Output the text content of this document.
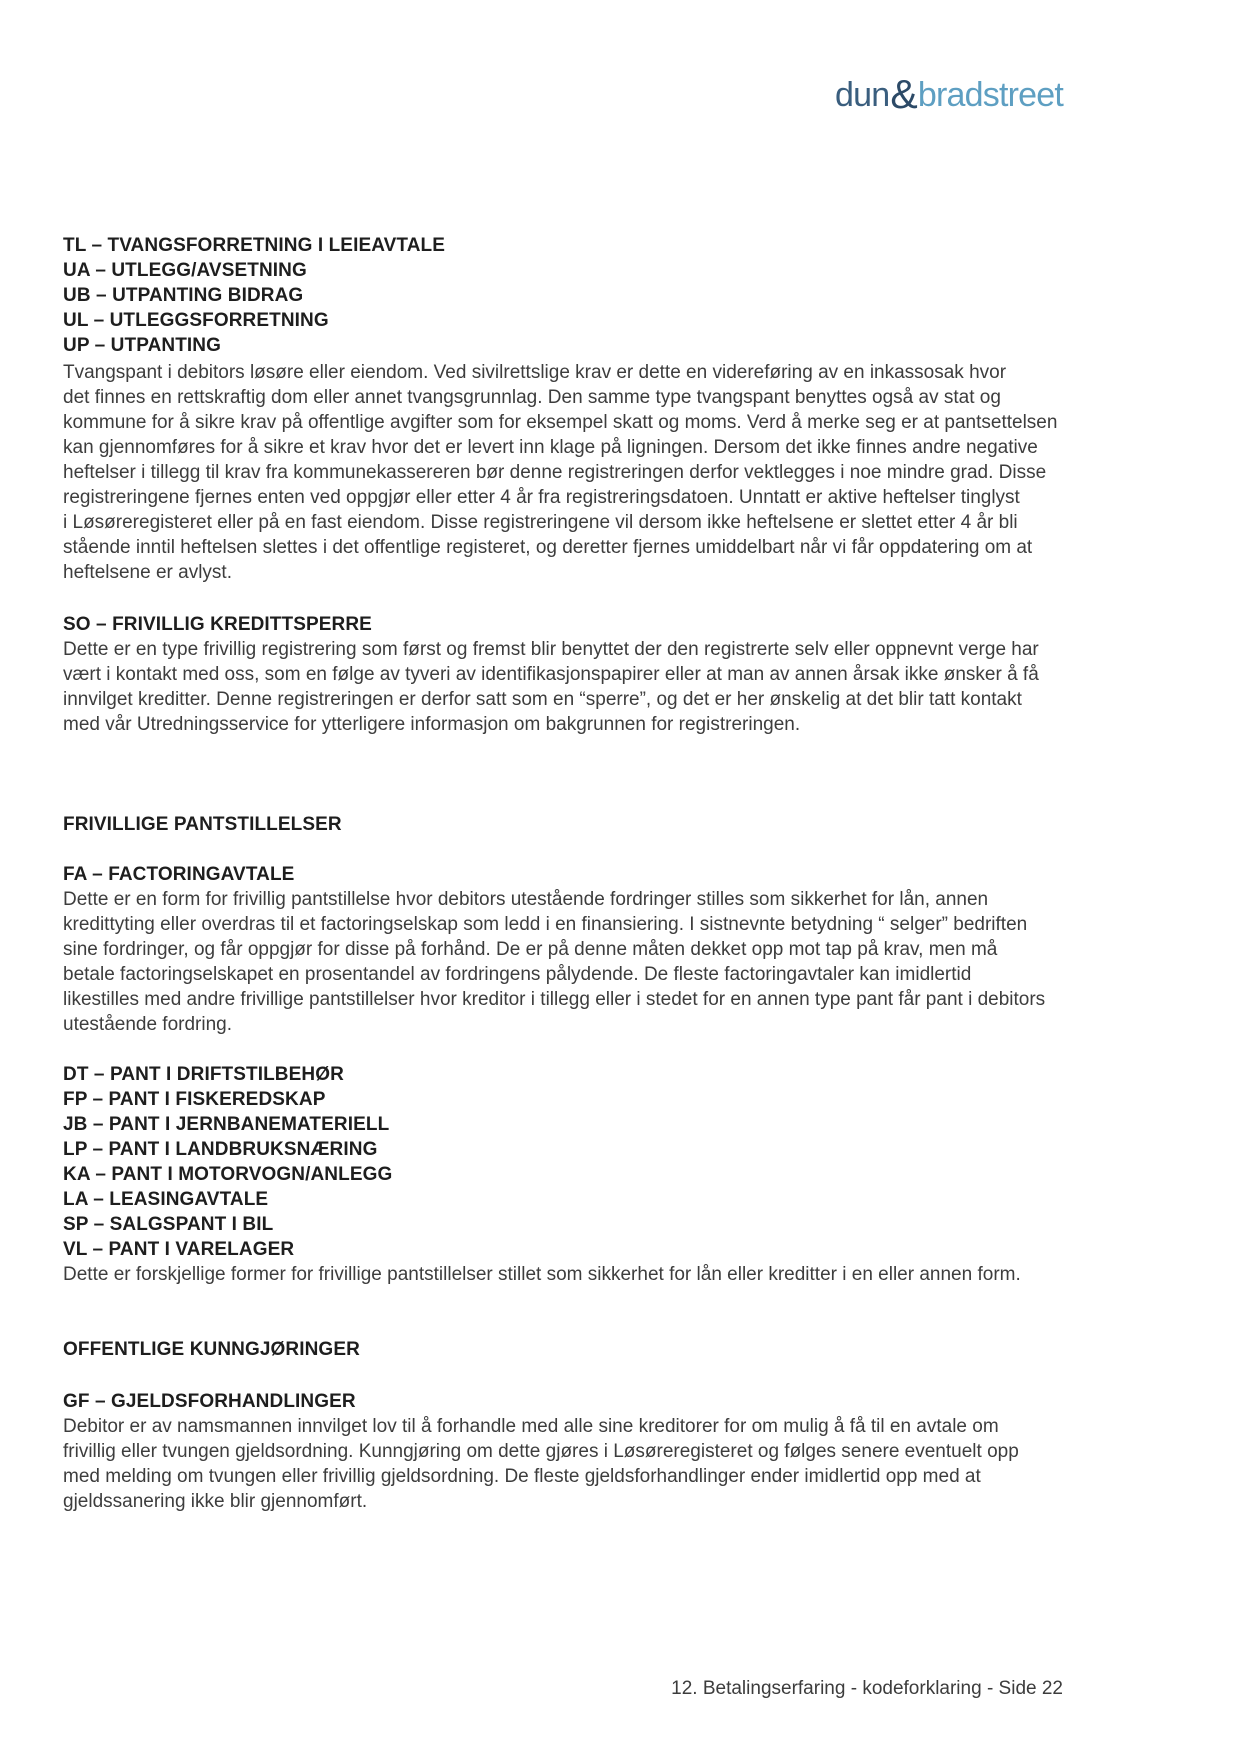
dun&bradstreet
TL – TVANGSFORRETNING I LEIEAVTALE
UA – UTLEGG/AVSETNING
UB – UTPANTING BIDRAG
UL – UTLEGGSFORRETNING
UP – UTPANTING
Tvangspant i debitors løsøre eller eiendom. Ved sivilrettslige krav er dette en videreføring av en inkassosak hvor
det finnes en rettskraftig dom eller annet tvangsgrunnlag. Den samme type tvangspant benyttes også av stat og
kommune for å sikre krav på offentlige avgifter som for eksempel skatt og moms. Verd å merke seg er at pantsettelsen
kan gjennomføres for å sikre et krav hvor det er levert inn klage på ligningen. Dersom det ikke finnes andre negative
heftelser i tillegg til krav fra kommunekassereren bør denne registreringen derfor vektlegges i noe mindre grad. Disse
registreringene fjernes enten ved oppgjør eller etter 4 år fra registreringsdatoen. Unntatt er aktive heftelser tinglyst
i Løsøreregisteret eller på en fast eiendom. Disse registreringene vil dersom ikke heftelsene er slettet etter 4 år bli
stående inntil heftelsen slettes i det offentlige registeret, og deretter fjernes umiddelbart når vi får oppdatering om at
heftelsene er avlyst.
SO – FRIVILLIG KREDITTSPERRE
Dette er en type frivillig registrering som først og fremst blir benyttet der den registrerte selv eller oppnevnt verge har
vært i kontakt med oss, som en følge av tyveri av identifikasjonspapirer eller at man av annen årsak ikke ønsker å få
innvilget kreditter. Denne registreringen er derfor satt som en “sperre”, og det er her ønskelig at det blir tatt kontakt
med vår Utredningsservice for ytterligere informasjon om bakgrunnen for registreringen.
FRIVILLIGE PANTSTILLELSER
FA – FACTORINGAVTALE
Dette er en form for frivillig pantstillelse hvor debitors utestående fordringer stilles som sikkerhet for lån, annen
kredittyting eller overdras til et factoringselskap som ledd i en finansiering. I sistnevnte betydning “ selger” bedriften
sine fordringer, og får oppgjør for disse på forhånd. De er på denne måten dekket opp mot tap på krav, men må
betale factoringselskapet en prosentandel av fordringens pålydende. De fleste factoringavtaler kan imidlertid
likestilles med andre frivillige pantstillelser hvor kreditor i tillegg eller i stedet for en annen type pant får pant i debitors
utestående fordring.
DT – PANT I DRIFTSTILBEHØR
FP – PANT I FISKEREDSKAP
JB – PANT I JERNBANEMATERIELL
LP – PANT I LANDBRUKSNÆRING
KA – PANT I MOTORVOGN/ANLEGG
LA – LEASINGAVTALE
SP – SALGSPANT I BIL
VL – PANT I VARELAGER
Dette er forskjellige former for frivillige pantstillelser stillet som sikkerhet for lån eller kreditter i en eller annen form.
OFFENTLIGE KUNNGJØRINGER
GF – GJELDSFORHANDLINGER
Debitor er av namsmannen innvilget lov til å forhandle med alle sine kreditorer for om mulig å få til en avtale om
frivillig eller tvungen gjeldsordning. Kunngjøring om dette gjøres i Løsøreregisteret og følges senere eventuelt opp
med melding om tvungen eller frivillig gjeldsordning. De fleste gjeldsforhandlinger ender imidlertid opp med at
gjeldssanering ikke blir gjennomført.
12. Betalingserfaring - kodeforklaring - Side 22
